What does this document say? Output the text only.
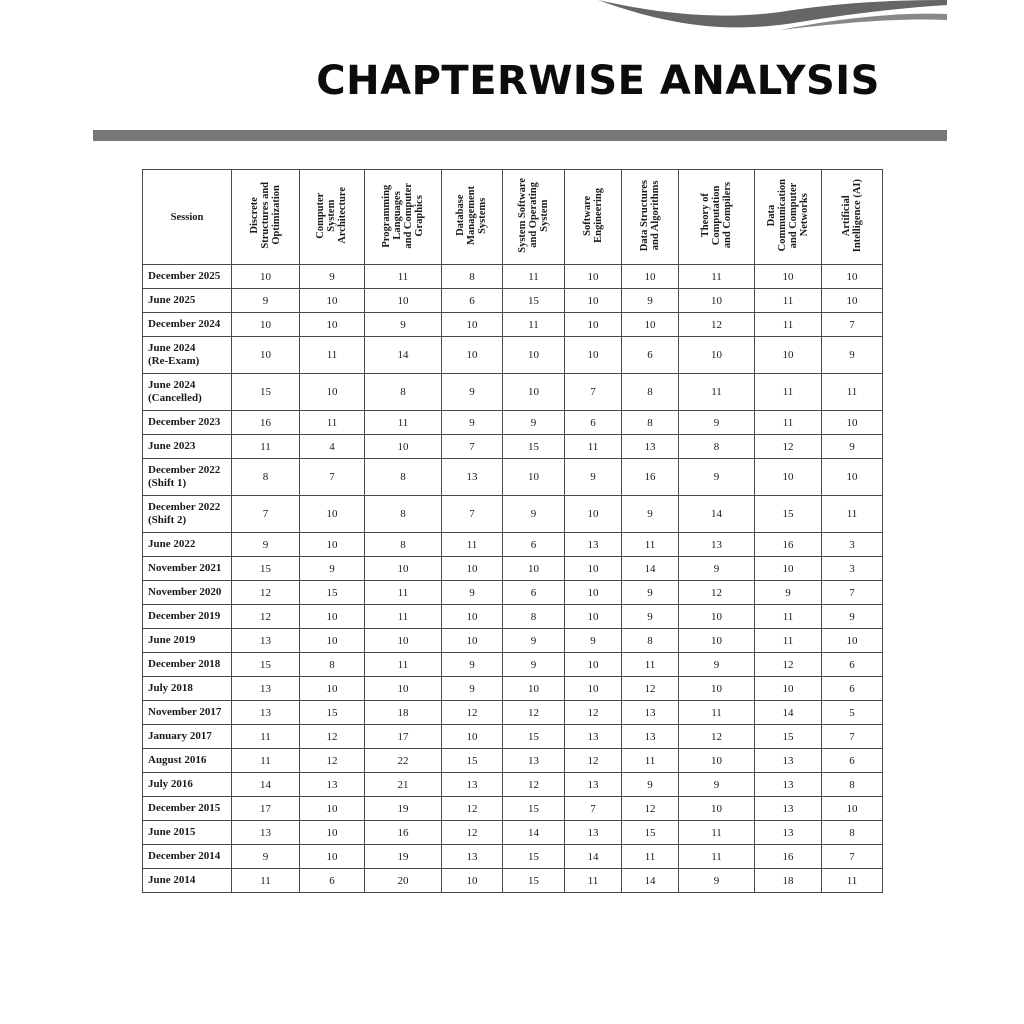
CHAPTERWISE ANALYSIS
Session	Discrete
Structures and
Optimization	Computer
System
Architecture	Programming
Languages
and Computer
Graphics	Database
Management
Systems	System Software
and Operating
System	Software
Engineering	Data Structures
and Algorithms	Theory of
Computation
and Compilers	Data
Communication
and Computer
Networks	Artificial
Intelligence (AI)
December 2025	10	9	11	8	11	10	10	11	10	10
June 2025	9	10	10	6	15	10	9	10	11	10
December 2024	10	10	9	10	11	10	10	12	11	7
June 2024
(Re-Exam)	10	11	14	10	10	10	6	10	10	9
June 2024
(Cancelled)	15	10	8	9	10	7	8	11	11	11
December 2023	16	11	11	9	9	6	8	9	11	10
June 2023	11	4	10	7	15	11	13	8	12	9
December 2022
(Shift 1)	8	7	8	13	10	9	16	9	10	10
December 2022
(Shift 2)	7	10	8	7	9	10	9	14	15	11
June 2022	9	10	8	11	6	13	11	13	16	3
November 2021	15	9	10	10	10	10	14	9	10	3
November 2020	12	15	11	9	6	10	9	12	9	7
December 2019	12	10	11	10	8	10	9	10	11	9
June 2019	13	10	10	10	9	9	8	10	11	10
December 2018	15	8	11	9	9	10	11	9	12	6
July 2018	13	10	10	9	10	10	12	10	10	6
November 2017	13	15	18	12	12	12	13	11	14	5
January 2017	11	12	17	10	15	13	13	12	15	7
August 2016	11	12	22	15	13	12	11	10	13	6
July 2016	14	13	21	13	12	13	9	9	13	8
December 2015	17	10	19	12	15	7	12	10	13	10
June 2015	13	10	16	12	14	13	15	11	13	8
December 2014	9	10	19	13	15	14	11	11	16	7
June 2014	11	6	20	10	15	11	14	9	18	11
